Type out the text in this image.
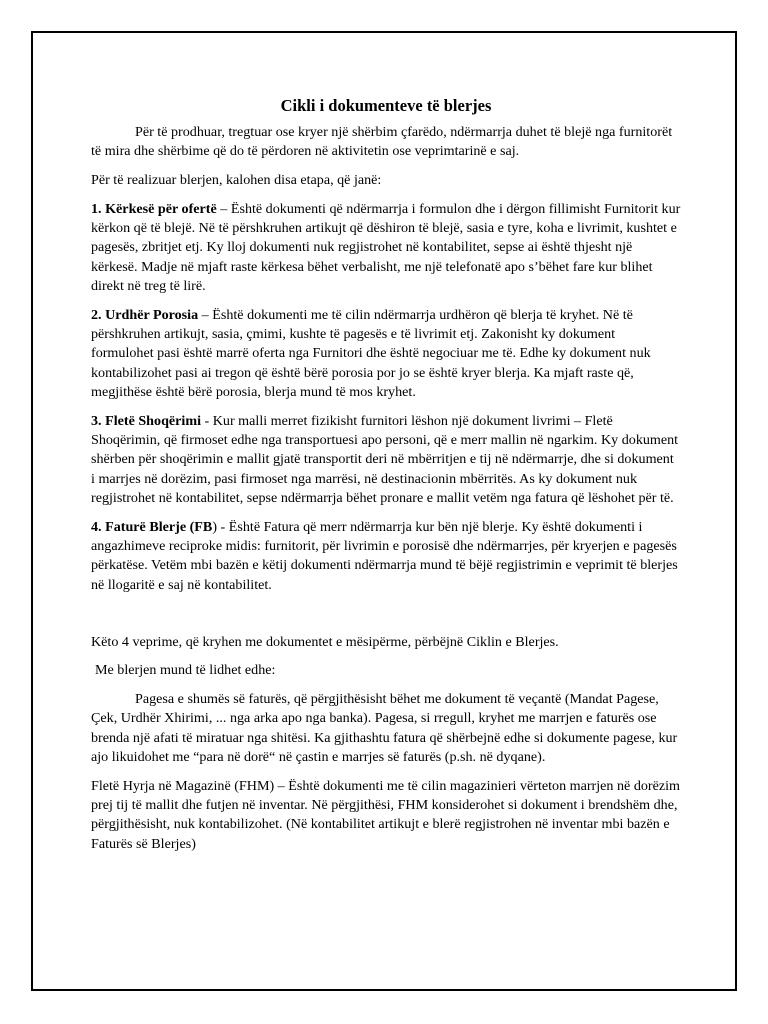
Cikli i dokumenteve të blerjes

Për të prodhuar, tregtuar ose kryer një shërbim çfarëdo, ndërmarrja duhet të blejë nga furnitorët të mira dhe shërbime që do të përdoren në aktivitetin ose veprimtarinë e saj.

Për të realizuar blerjen, kalohen disa etapa, që janë:

1. Kërkesë për ofertë – Është dokumenti që ndërmarrja i formulon dhe i dërgon fillimisht Furnitorit kur kërkon që të blejë. Në të përshkruhen artikujt që dëshiron të blejë, sasia e tyre, koha e livrimit, kushtet e pagesës, zbritjet etj. Ky lloj dokumenti nuk regjistrohet në kontabilitet, sepse ai është thjesht një kërkesë. Madje në mjaft raste kërkesa bëhet verbalisht, me një telefonatë apo s’bëhet fare kur blihet direkt në treg të lirë.

2. Urdhër Porosia – Është dokumenti me të cilin ndërmarrja urdhëron që blerja të kryhet. Në të përshkruhen artikujt, sasia, çmimi, kushte të pagesës e të livrimit etj. Zakonisht ky dokument formulohet pasi është marrë oferta nga Furnitori dhe është negociuar me të. Edhe ky dokument nuk kontabilizohet pasi ai tregon që është bërë porosia por jo se është kryer blerja. Ka mjaft raste që, megjithëse është bërë porosia, blerja mund të mos kryhet.

3. Fletë Shoqërimi - Kur malli merret fizikisht furnitori lëshon një dokument livrimi – Fletë Shoqërimin, që firmoset edhe nga transportuesi apo personi, që e merr mallin në ngarkim. Ky dokument shërben për shoqërimin e mallit gjatë transportit deri në mbërritjen e tij në ndërmarrje, dhe si dokument i marrjes në dorëzim, pasi firmoset nga marrësi, në destinacionin mbërritës. As ky dokument nuk regjistrohet në kontabilitet, sepse ndërmarrja bëhet pronare e mallit vetëm nga fatura që lëshohet për të.

4. Faturë Blerje (FB) - Është Fatura që merr ndërmarrja kur bën një blerje. Ky është dokumenti i angazhimeve reciproke midis: furnitorit, për livrimin e porosisë dhe ndërmarrjes, për kryerjen e pagesës përkatëse. Vetëm mbi bazën e këtij dokumenti ndërmarrja mund të bëjë regjistrimin e veprimit të blerjes në llogaritë e saj në kontabilitet.

Këto 4 veprime, që kryhen me dokumentet e mësipërme, përbëjnë Ciklin e Blerjes.

Me blerjen mund të lidhet edhe:

Pagesa e shumës së faturës, që përgjithësisht bëhet me dokument të veçantë (Mandat Pagese, Çek, Urdhër Xhirimi, ... nga arka apo nga banka). Pagesa, si rregull, kryhet me marrjen e faturës ose brenda një afati të miratuar nga shitësi. Ka gjithashtu fatura që shërbejnë edhe si dokumente pagese, kur ajo likuidohet me “para në dorë“ në çastin e marrjes së faturës (p.sh. në dyqane).

Fletë Hyrja në Magazinë (FHM) – Është dokumenti me të cilin magazinieri vërteton marrjen në dorëzim prej tij të mallit dhe futjen në inventar. Në përgjithësi, FHM konsiderohet si dokument i brendshëm dhe, përgjithësisht, nuk kontabilizohet. (Në kontabilitet artikujt e blerë regjistrohen në inventar mbi bazën e Faturës së Blerjes)
